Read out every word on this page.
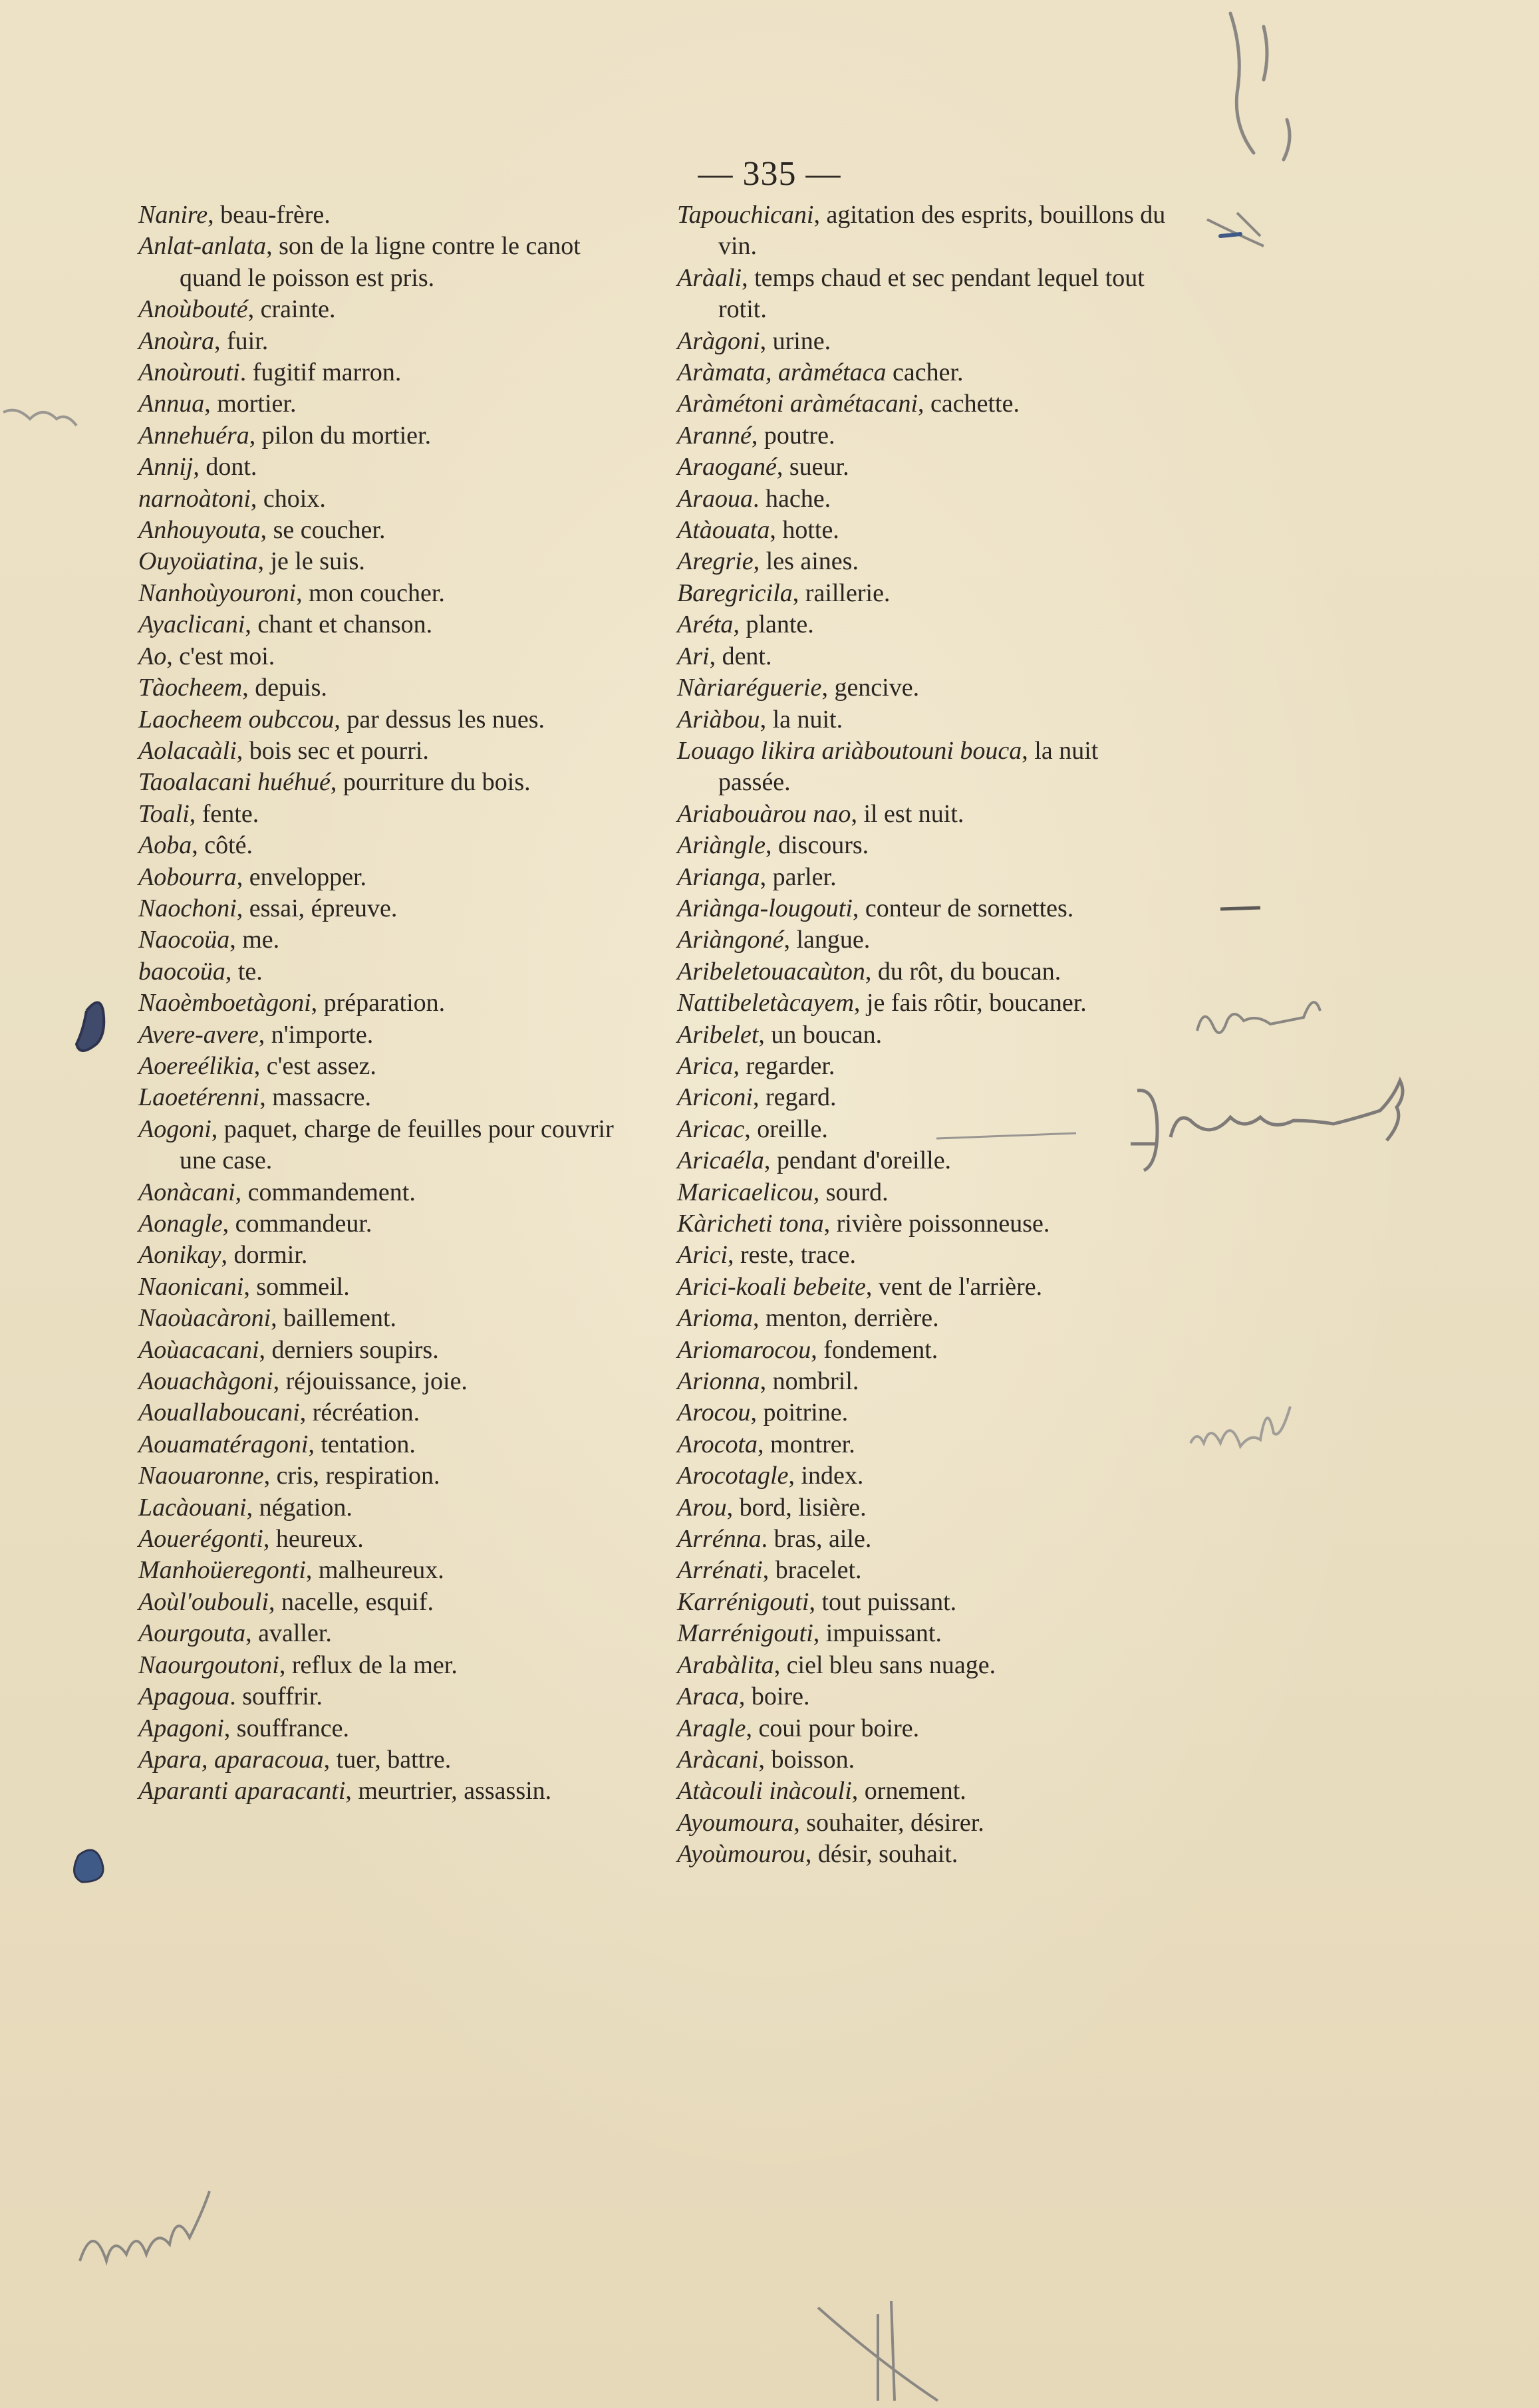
— 335 —
Nanire, beau-frère.
Anlat-anlata, son de la ligne contre le canot quand le poisson est pris.
Anoùbouté, crainte.
Anoùra, fuir.
Anoùrouti. fugitif marron.
Annua, mortier.
Annehuéra, pilon du mortier.
Annij, dont.
narnoàtoni, choix.
Anhouyouta, se coucher.
Ouyoüatina, je le suis.
Nanhoùyouroni, mon coucher.
Ayaclicani, chant et chanson.
Ao, c'est moi.
Tàocheem, depuis.
Laocheem oubccou, par dessus les nues.
Aolacaàli, bois sec et pourri.
Taoalacani huéhué, pourriture du bois.
Toali, fente.
Aoba, côté.
Aobourra, envelopper.
Naochoni, essai, épreuve.
Naocoüa, me.
baocoüa, te.
Naoèmboetàgoni, préparation.
Avere-avere, n'importe.
Aoereélikia, c'est assez.
Laoetérenni, massacre.
Aogoni, paquet, charge de feuilles pour couvrir une case.
Aonàcani, commandement.
Aonagle, commandeur.
Aonikay, dormir.
Naonicani, sommeil.
Naoùacàroni, baillement.
Aoùacacani, derniers soupirs.
Aouachàgoni, réjouissance, joie.
Aouallaboucani, récréation.
Aouamatéragoni, tentation.
Naouaronne, cris, respiration.
Lacàouani, négation.
Aouerégonti, heureux.
Manhoüeregonti, malheureux.
Aoùl'oubouli, nacelle, esquif.
Aourgouta, avaller.
Naourgoutoni, reflux de la mer.
Apagoua. souffrir.
Apagoni, souffrance.
Apara, aparacoua, tuer, battre.
Aparanti aparacanti, meurtrier, assassin.
Tapouchicani, agitation des esprits, bouillons du vin.
Aràali, temps chaud et sec pendant lequel tout rotit.
Aràgoni, urine.
Aràmata, aràmétaca cacher.
Aràmétoni aràmétacani, cachette.
Aranné, poutre.
Araogané, sueur.
Araoua. hache.
Atàouata, hotte.
Aregrie, les aines.
Baregricila, raillerie.
Aréta, plante.
Ari, dent.
Nàriaréguerie, gencive.
Ariàbou, la nuit.
Louago likira ariàboutouni bouca, la nuit passée.
Ariabouàrou nao, il est nuit.
Ariàngle, discours.
Arianga, parler.
Ariànga-lougouti, conteur de sornettes.
Ariàngoné, langue.
Aribeletouacaùton, du rôt, du boucan.
Nattibeletàcayem, je fais rôtir, boucaner.
Aribelet, un boucan.
Arica, regarder.
Ariconi, regard.
Aricac, oreille.
Aricaéla, pendant d'oreille.
Maricaelicou, sourd.
Kàricheti tona, rivière poissonneuse.
Arici, reste, trace.
Arici-koali bebeite, vent de l'arrière.
Arioma, menton, derrière.
Ariomarocou, fondement.
Arionna, nombril.
Arocou, poitrine.
Arocota, montrer.
Arocotagle, index.
Arou, bord, lisière.
Arrénna. bras, aile.
Arrénati, bracelet.
Karrénigouti, tout puissant.
Marrénigouti, impuissant.
Arabàlita, ciel bleu sans nuage.
Araca, boire.
Aragle, coui pour boire.
Aràcani, boisson.
Atàcouli inàcouli, ornement.
Ayoumoura, souhaiter, désirer.
Ayoùmourou, désir, souhait.
